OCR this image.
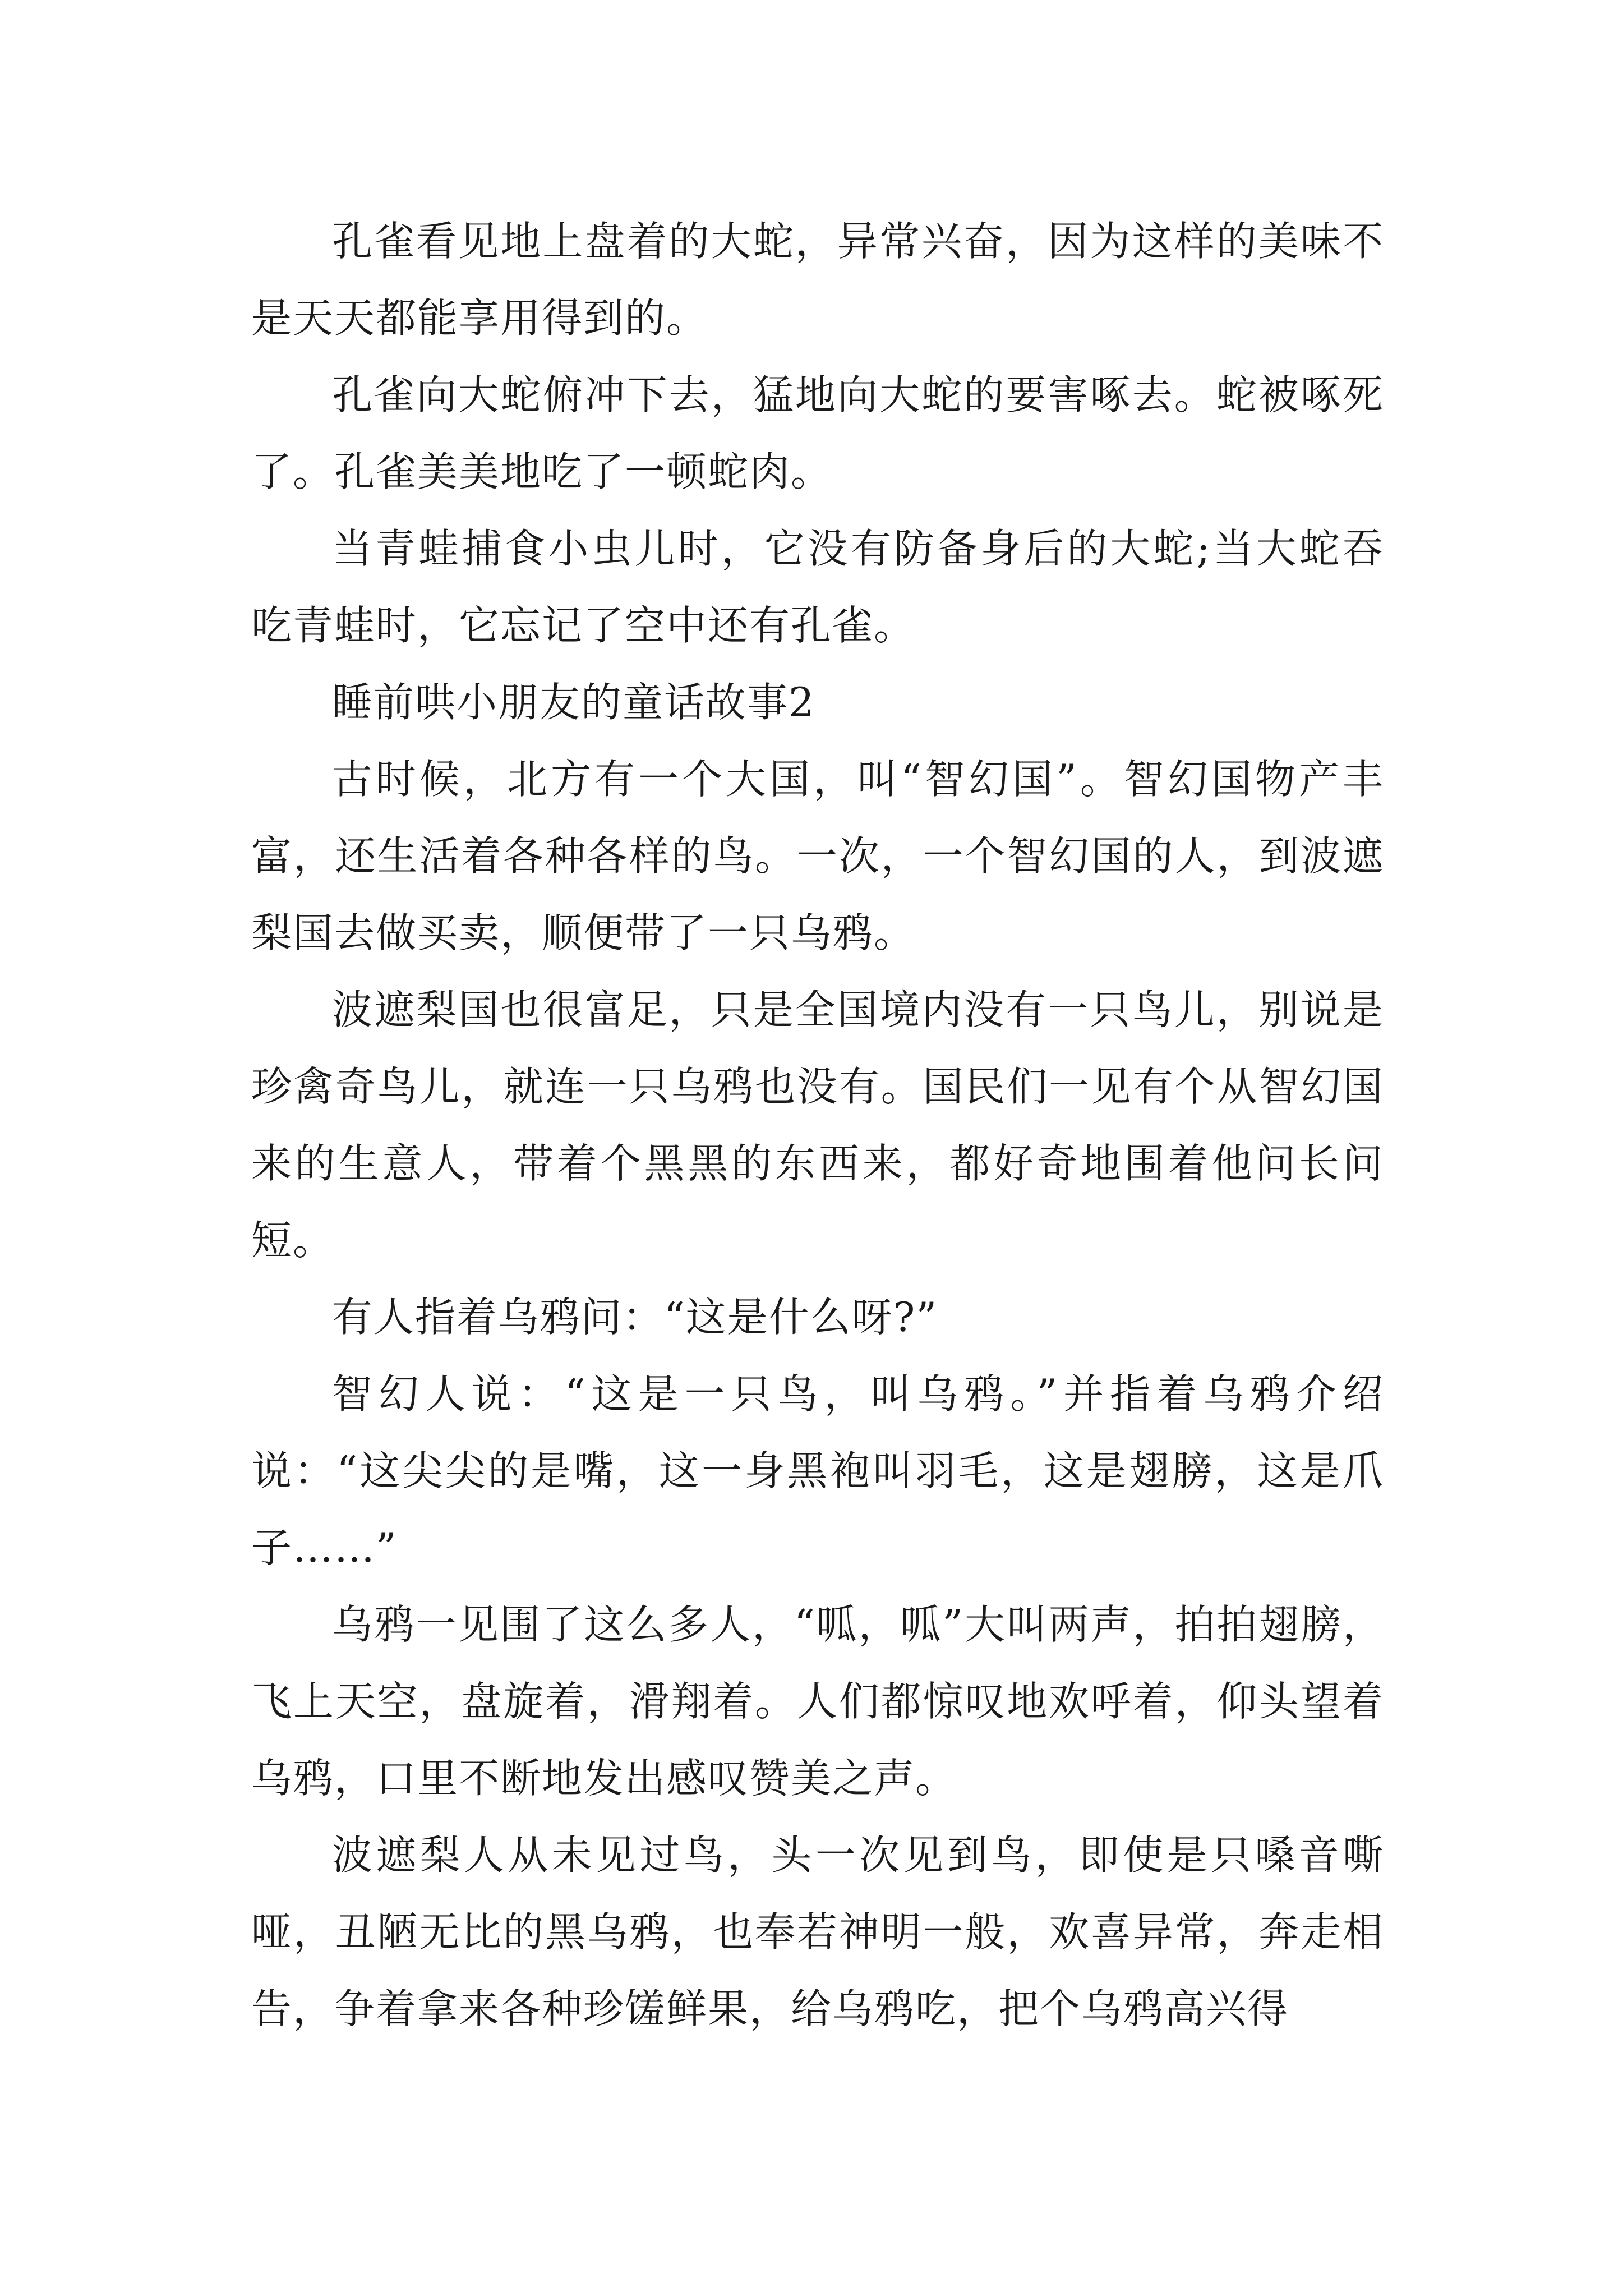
孔雀看见地上盘着的大蛇，异常兴奋，因为这样的美味不是天天都能享用得到的。

孔雀向大蛇俯冲下去，猛地向大蛇的要害啄去。蛇被啄死了。孔雀美美地吃了一顿蛇肉。

当青蛙捕食小虫儿时，它没有防备身后的大蛇;当大蛇吞吃青蛙时，它忘记了空中还有孔雀。

睡前哄小朋友的童话故事2

古时候，北方有一个大国，叫“智幻国”。智幻国物产丰富，还生活着各种各样的鸟。一次，一个智幻国的人，到波遮梨国去做买卖，顺便带了一只乌鸦。

波遮梨国也很富足，只是全国境内没有一只鸟儿，别说是珍禽奇鸟儿，就连一只乌鸦也没有。国民们一见有个从智幻国来的生意人，带着个黑黑的东西来，都好奇地围着他问长问短。

有人指着乌鸦问：“这是什么呀?”

智幻人说：“这是一只鸟，叫乌鸦。”并指着乌鸦介绍说：“这尖尖的是嘴，这一身黑袍叫羽毛，这是翅膀，这是爪子……”

乌鸦一见围了这么多人，“呱，呱”大叫两声，拍拍翅膀，飞上天空，盘旋着，滑翔着。人们都惊叹地欢呼着，仰头望着乌鸦，口里不断地发出感叹赞美之声。

波遮梨人从未见过鸟，头一次见到鸟，即使是只嗓音嘶哑，丑陋无比的黑乌鸦，也奉若神明一般，欢喜异常，奔走相告，争着拿来各种珍馐鲜果，给乌鸦吃，把个乌鸦高兴得
